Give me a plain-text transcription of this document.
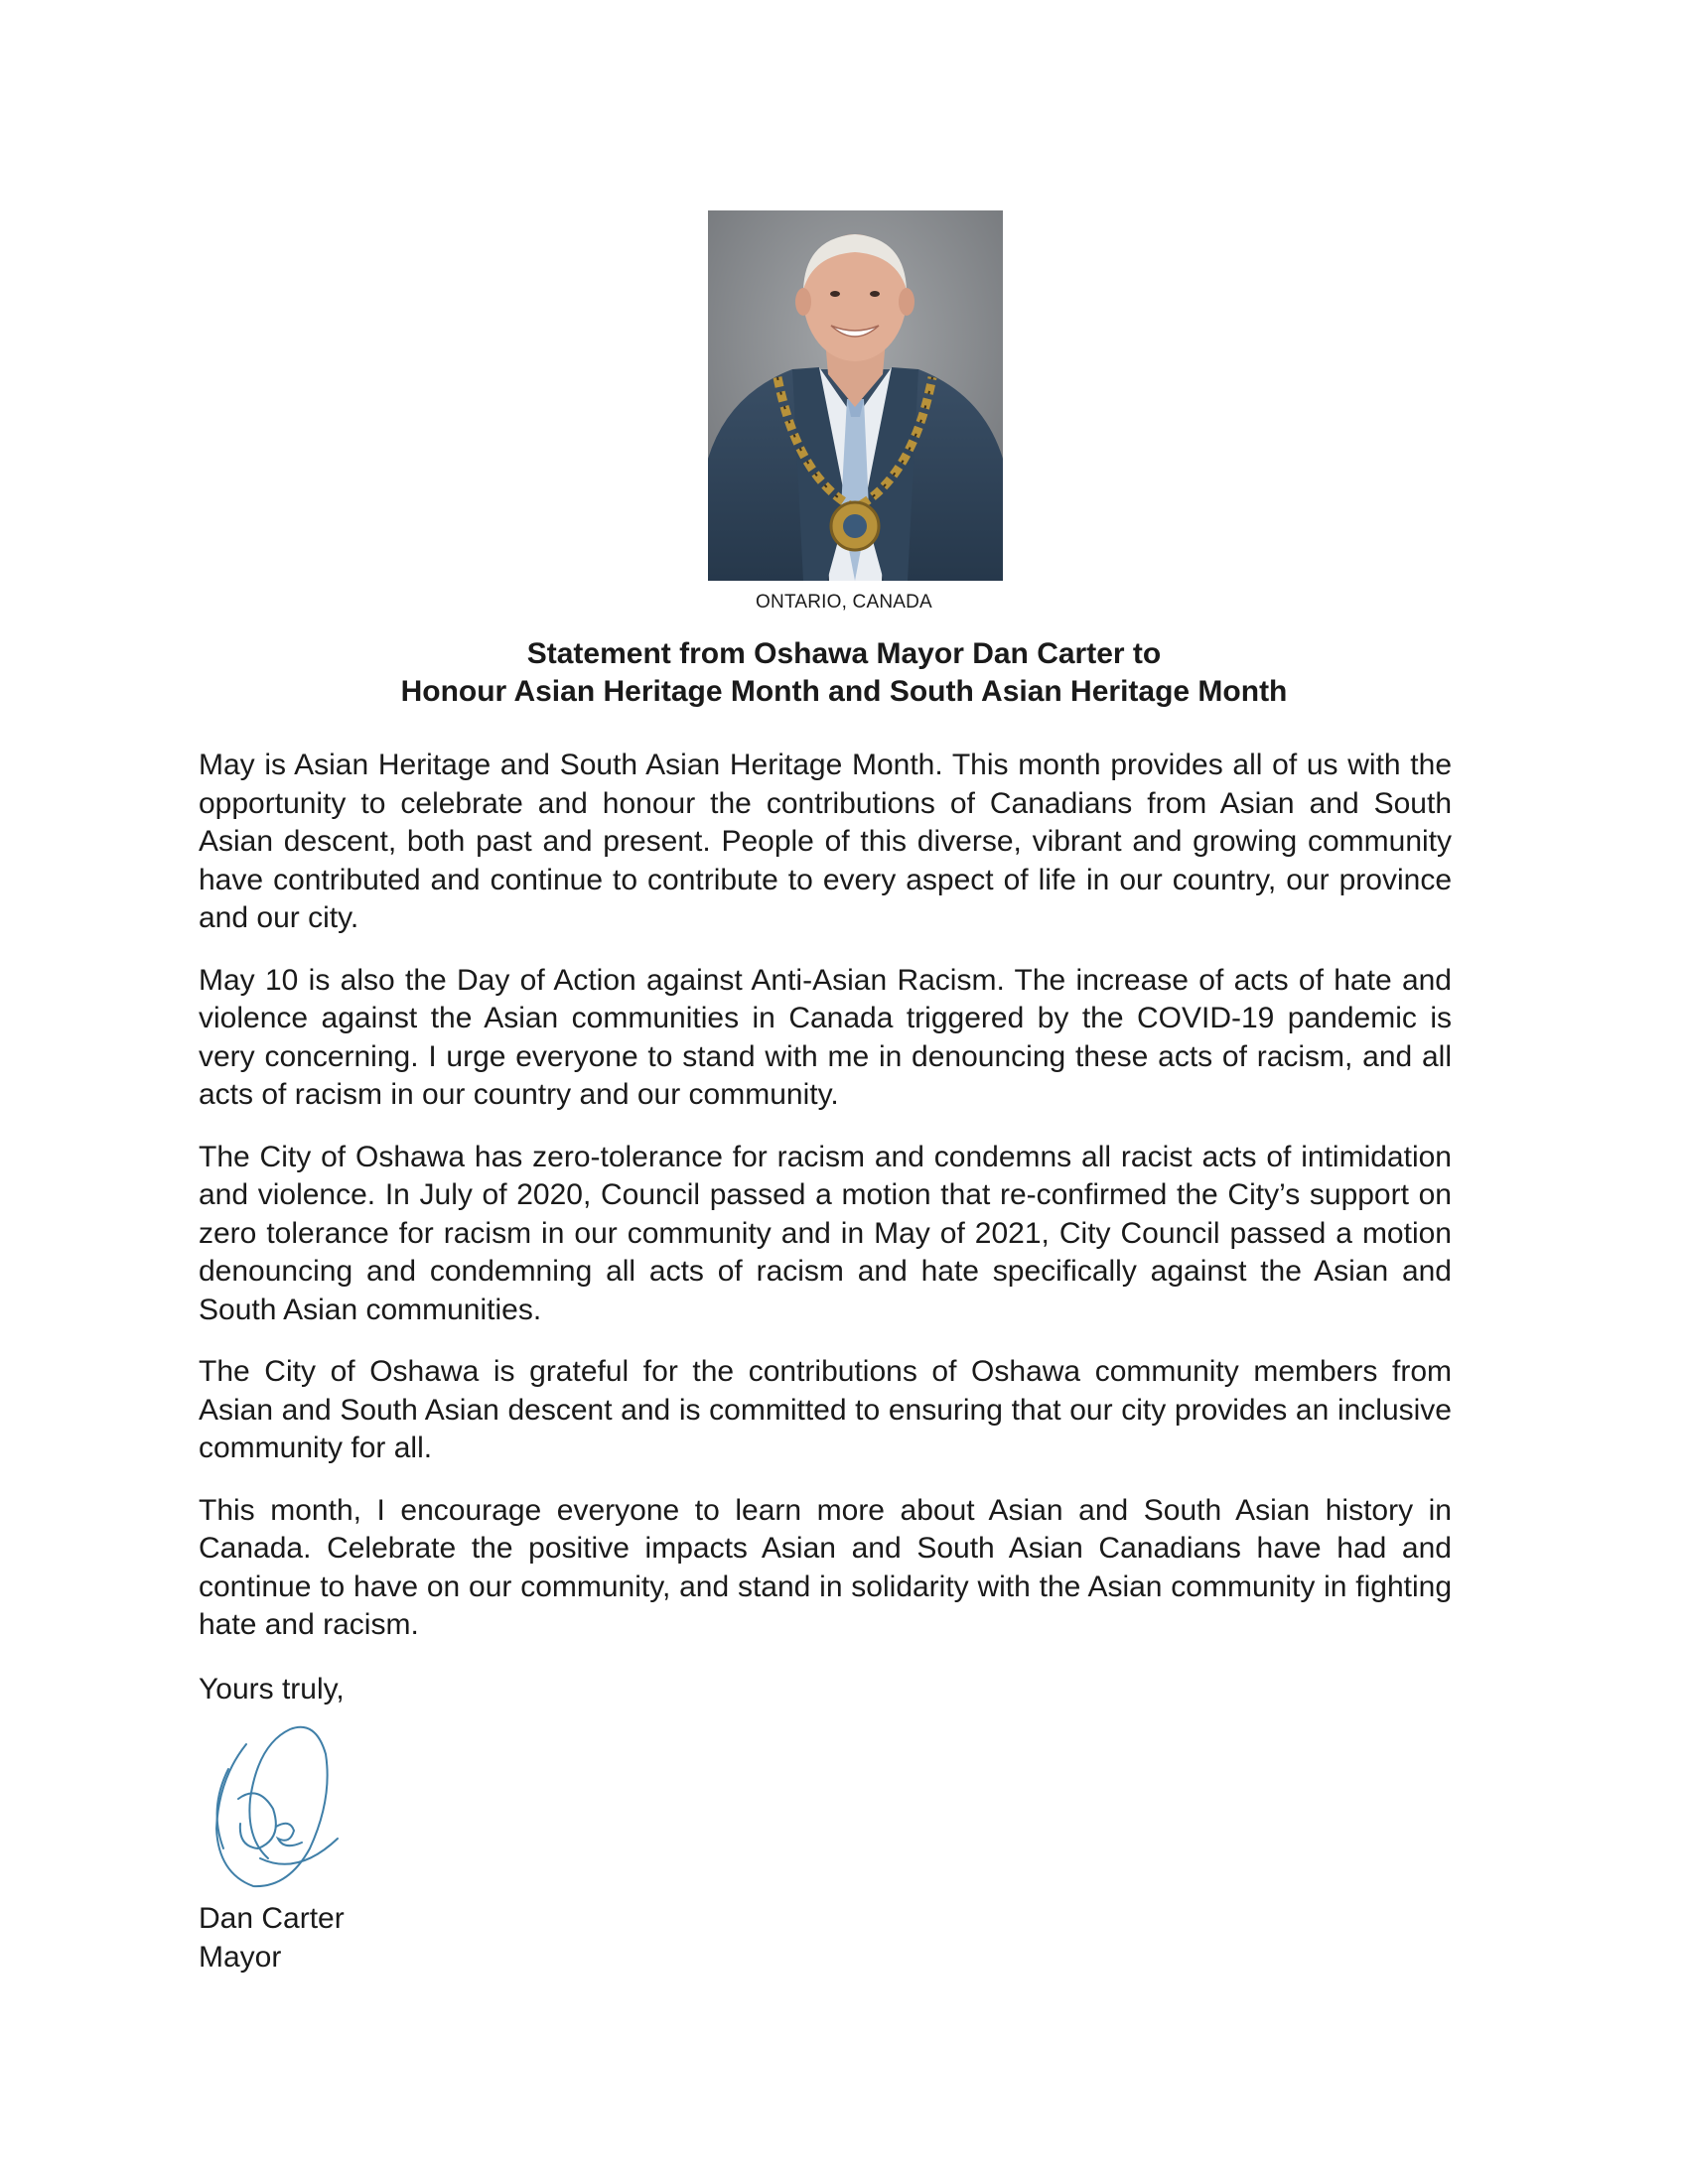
ONTARIO, CANADA
Statement from Oshawa Mayor Dan Carter to
Honour Asian Heritage Month and South Asian Heritage Month

May is Asian Heritage and South Asian Heritage Month. This month provides all of us with the opportunity to celebrate and honour the contributions of Canadians from Asian and South Asian descent, both past and present. People of this diverse, vibrant and growing community have contributed and continue to contribute to every aspect of life in our country, our province and our city.

May 10 is also the Day of Action against Anti-Asian Racism. The increase of acts of hate and violence against the Asian communities in Canada triggered by the COVID-19 pandemic is very concerning. I urge everyone to stand with me in denouncing these acts of racism, and all acts of racism in our country and our community.

The City of Oshawa has zero-tolerance for racism and condemns all racist acts of intimidation and violence. In July of 2020, Council passed a motion that re-confirmed the City’s support on zero tolerance for racism in our community and in May of 2021, City Council passed a motion denouncing and condemning all acts of racism and hate specifically against the Asian and South Asian communities.

The City of Oshawa is grateful for the contributions of Oshawa community members from Asian and South Asian descent and is committed to ensuring that our city provides an inclusive community for all.

This month, I encourage everyone to learn more about Asian and South Asian history in Canada. Celebrate the positive impacts Asian and South Asian Canadians have had and continue to have on our community, and stand in solidarity with the Asian community in fighting hate and racism.

Yours truly,
Dan Carter
Mayor
